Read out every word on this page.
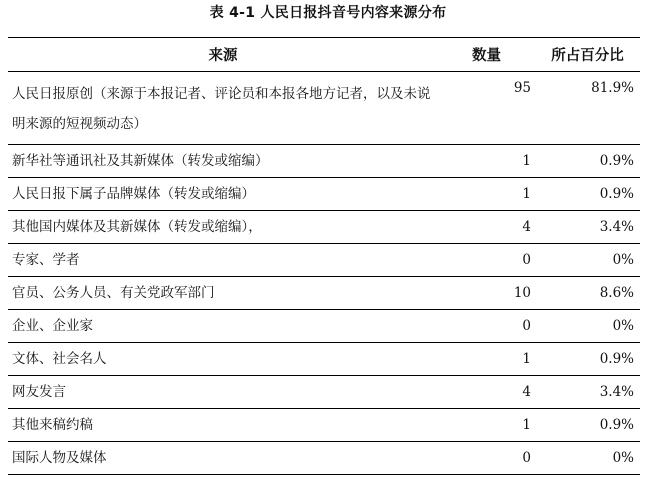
表 4-1 人民日报抖音号内容来源分布
来源	数量	所占百分比
人民日报原创（来源于本报记者、评论员和本报各地方记者，以及未说明来源的短视频动态）	95	81.9%
新华社等通讯社及其新媒体（转发或缩编）	1	0.9%
人民日报下属子品牌媒体（转发或缩编）	1	0.9%
其他国内媒体及其新媒体（转发或缩编），	4	3.4%
专家、学者	0	0%
官员、公务人员、有关党政军部门	10	8.6%
企业、企业家	0	0%
文体、社会名人	1	0.9%
网友发言	4	3.4%
其他来稿约稿	1	0.9%
国际人物及媒体	0	0%
